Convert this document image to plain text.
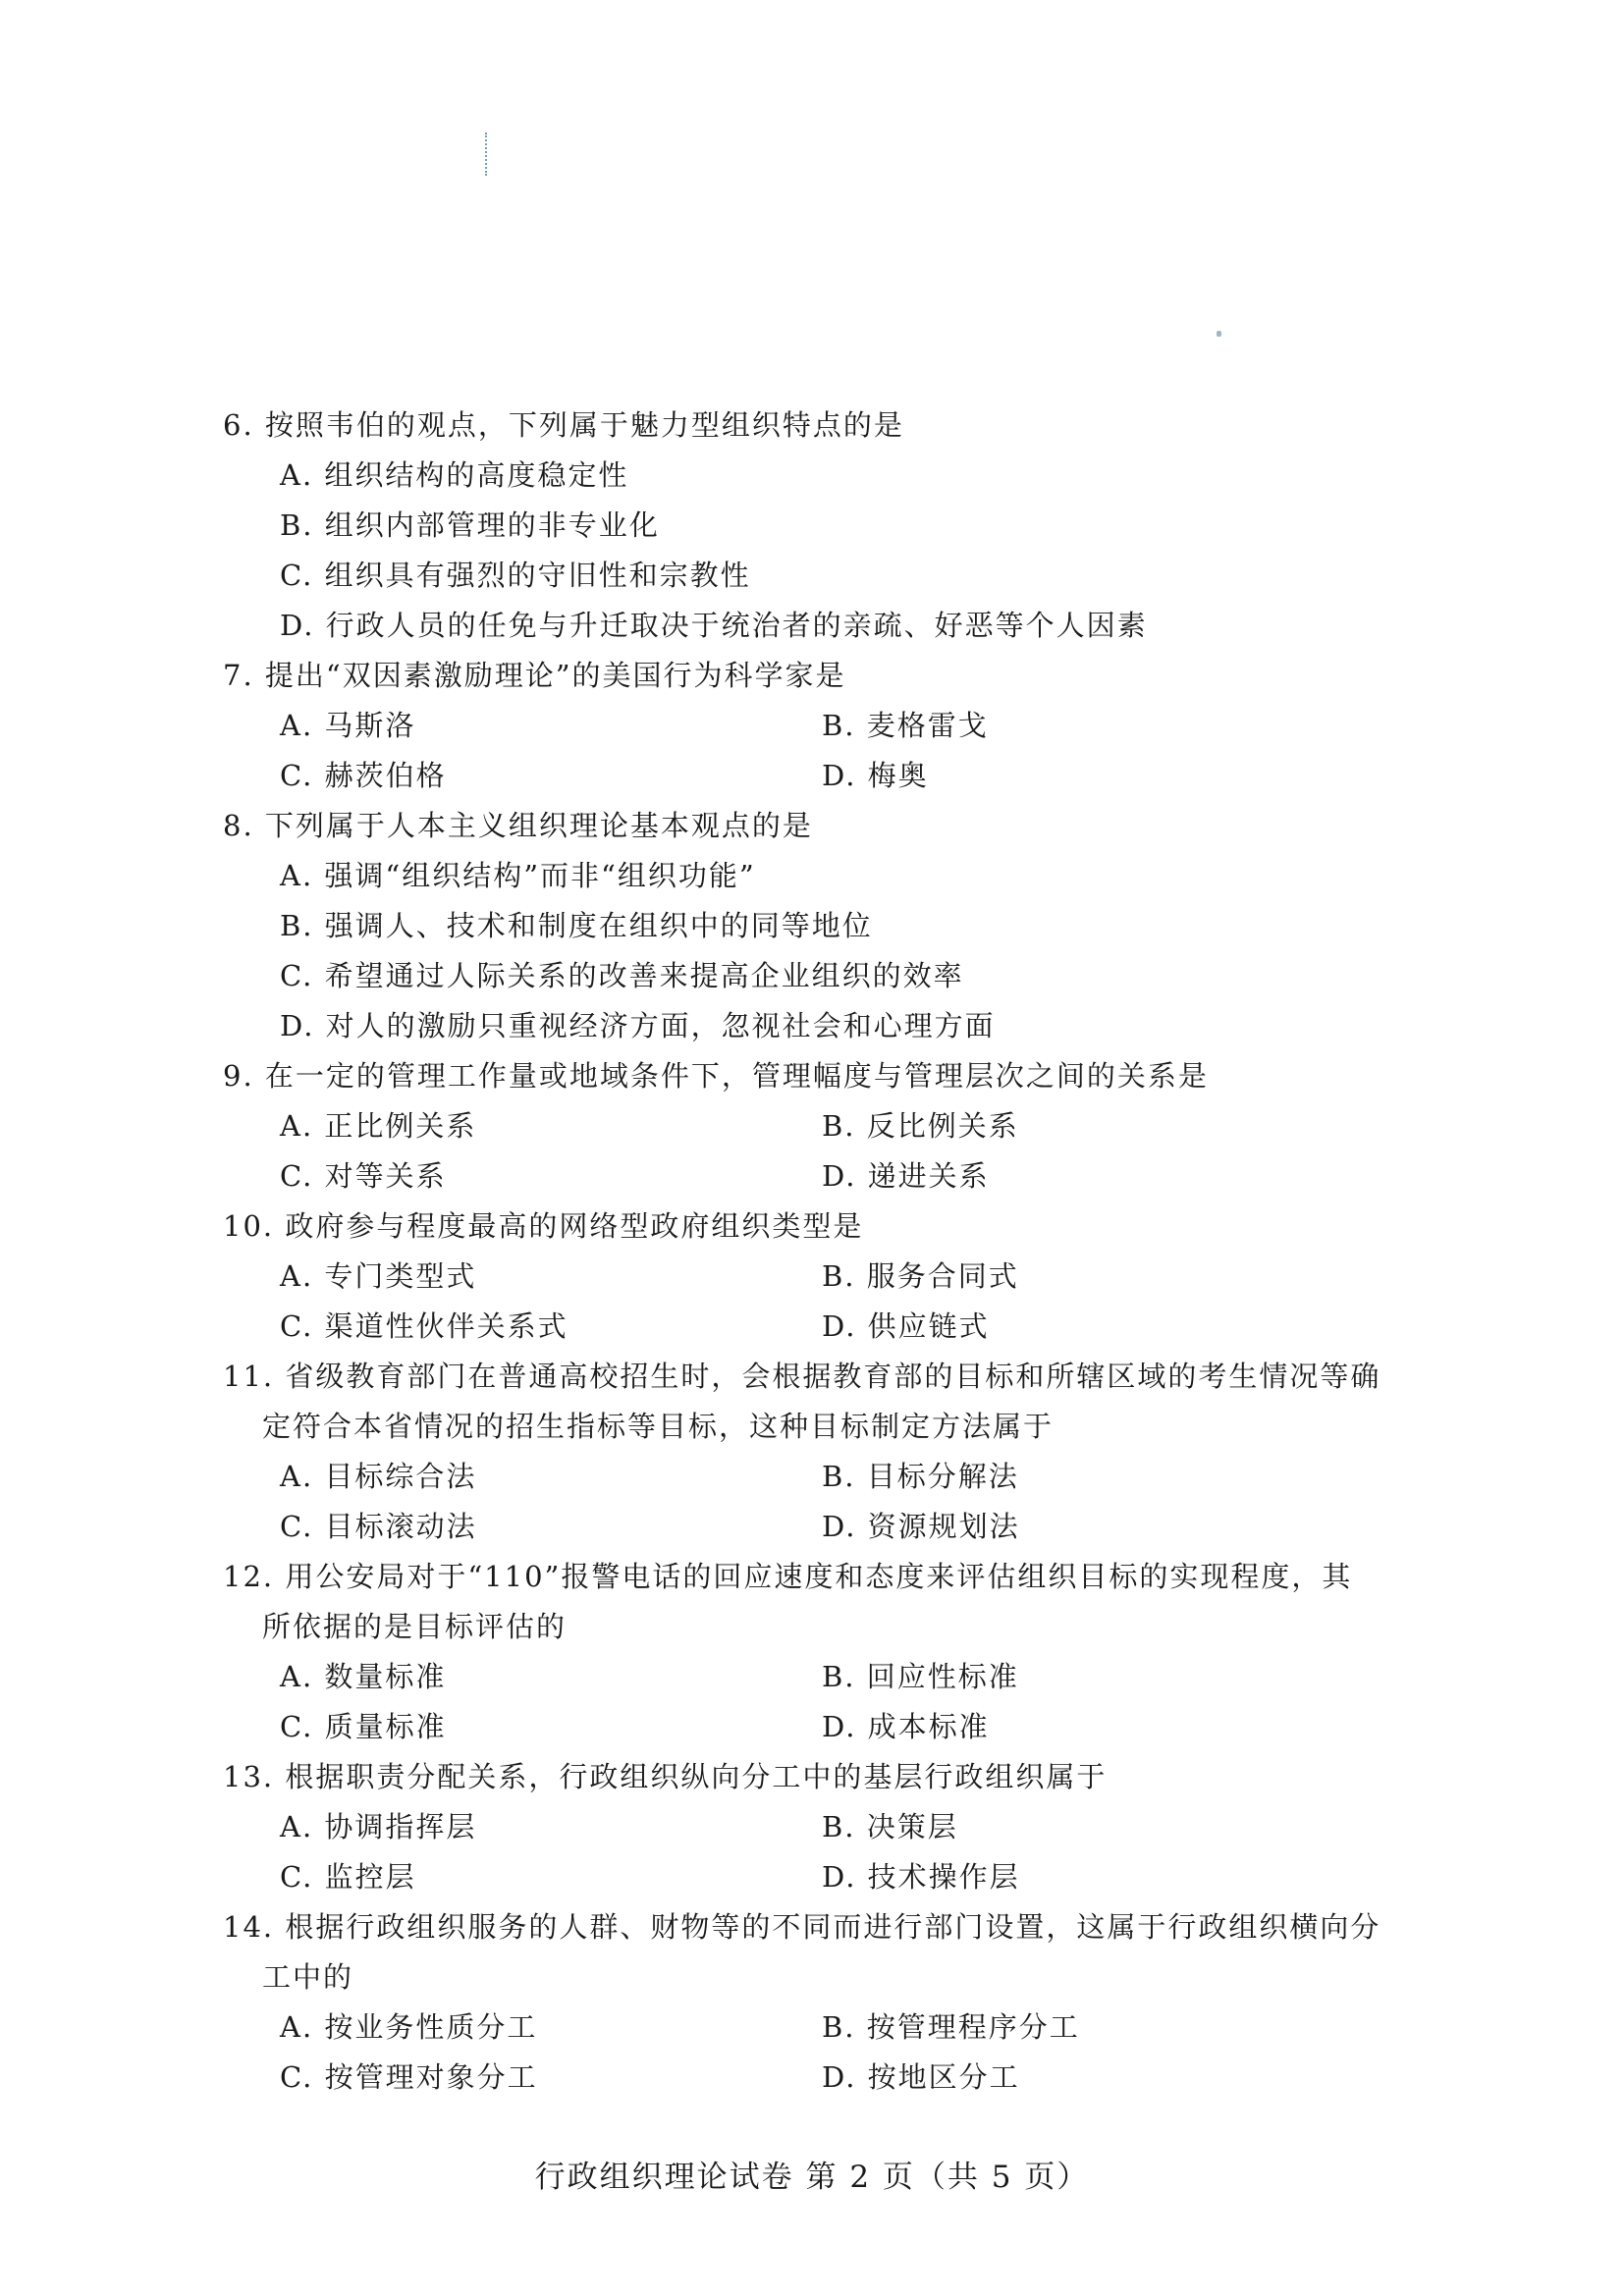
6. 按照韦伯的观点，下列属于魅力型组织特点的是
A. 组织结构的高度稳定性
B. 组织内部管理的非专业化
C. 组织具有强烈的守旧性和宗教性
D. 行政人员的任免与升迁取决于统治者的亲疏、好恶等个人因素
7. 提出“双因素激励理论”的美国行为科学家是
A. 马斯洛	B. 麦格雷戈
C. 赫茨伯格	D. 梅奥
8. 下列属于人本主义组织理论基本观点的是
A. 强调“组织结构”而非“组织功能”
B. 强调人、技术和制度在组织中的同等地位
C. 希望通过人际关系的改善来提高企业组织的效率
D. 对人的激励只重视经济方面，忽视社会和心理方面
9. 在一定的管理工作量或地域条件下，管理幅度与管理层次之间的关系是
A. 正比例关系	B. 反比例关系
C. 对等关系	D. 递进关系
10. 政府参与程度最高的网络型政府组织类型是
A. 专门类型式	B. 服务合同式
C. 渠道性伙伴关系式	D. 供应链式
11. 省级教育部门在普通高校招生时，会根据教育部的目标和所辖区域的考生情况等确
定符合本省情况的招生指标等目标，这种目标制定方法属于
A. 目标综合法	B. 目标分解法
C. 目标滚动法	D. 资源规划法
12. 用公安局对于“110”报警电话的回应速度和态度来评估组织目标的实现程度，其
所依据的是目标评估的
A. 数量标准	B. 回应性标准
C. 质量标准	D. 成本标准
13. 根据职责分配关系，行政组织纵向分工中的基层行政组织属于
A. 协调指挥层	B. 决策层
C. 监控层	D. 技术操作层
14. 根据行政组织服务的人群、财物等的不同而进行部门设置，这属于行政组织横向分
工中的
A. 按业务性质分工	B. 按管理程序分工
C. 按管理对象分工	D. 按地区分工
行政组织理论试卷 第 2 页（共 5 页）
